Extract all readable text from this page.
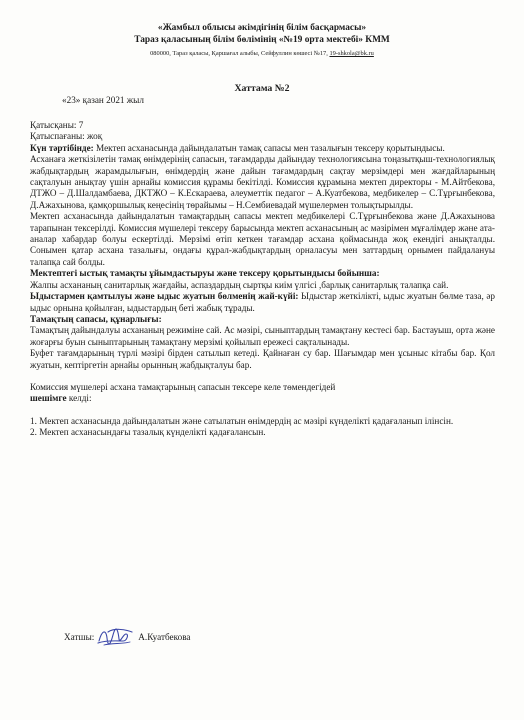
«Жамбыл облысы әкімдігінің білім басқармасы»
Тараз қаласының білім бөлімінің «№19 орта мектебі» КММ
080000, Тараз қаласы, Қаршағал алыбы, Сейфуллин көшесі №17, 19-shkola@bk.ru
Хаттама №2
«23» қазан 2021 жыл

Қатысқаны: 7

Қатыспағаны: жоқ

Күн тәртібінде: Мектеп асханасында дайындалатын тамақ сапасы мен тазалығын тексеру қорытындысы.

Асханаға жеткізілетін тамақ өнімдерінің сапасын, тағамдарды дайындау технологиясына тоңазытқыш-технологиялық жабдықтардың жарамдылығын, өнімдердің және дайын тағамдардың сақтау мерзімдері мен жағдайларының сақталуын анықтау үшін арнайы комиссия құрамы бекітілді. Комиссия құрамына мектеп директоры - М.Айтбекова, ДТЖО – Д.Шалдамбаева, ДКТЖО – К.Ескараева, әлеуметтік педагог – А.Куатбекова, медбикелер – С.Тұрғынбекова, Д.Ажахынова, қамқоршылық кеңесінің төрайымы – Н.Сембиевадай мүшелермен толықтырылды.

Мектеп асханасында дайындалатын тамақтардың сапасы мектеп медбикелері С.Тұрғынбекова және Д.Ажахынова тарапынан тексерілді. Комиссия мүшелері тексеру барысында мектеп асханасының ас мәзірімен мұғалімдер және ата-аналар хабардар болуы ескертілді. Мерзімі өтіп кеткен тағамдар асхана қоймасында жоқ екендігі анықталды. Сонымен қатар асхана тазалығы, ондағы құрал-жабдықтардың орналасуы мен заттардың орнымен пайдалануы талапқа сай болды.

Мектептегі ыстық тамақты ұйымдастыруы және тексеру қорытындысы бойынша:

Жалпы асхананың санитарлық жағдайы, аспаздардың сыртқы киім үлгісі ,барлық санитарлық талапқа сай.

Ыдыстармен қамтылуы және ыдыс жуатын бөлменің жай-күйі: Ыдыстар жеткілікті, ыдыс жуатын бөлме таза, әр ыдыс орнына қойылған, ыдыстардың беті жабық тұрады.

Тамақтың сапасы, құнарлығы:

Тамақтың дайындалуы асхананың режиміне сай. Ас мәзірі, сыныптардың тамақтану кестесі бар. Бастауыш, орта және жоғарғы буын сыныптарының тамақтану мерзімі қойылып ережесі сақталынады.

Буфет тағамдарының түрлі мәзірі бірден сатылып кетеді. Қайнаған су бар. Шағымдар мен ұсыныс кітабы бар. Қол жуатын, кептіргетін арнайы орынның жабдықталуы бар.

Комиссия мүшелері асхана тамақтарының сапасын тексере келе төмендегідей

шешімге келді:

1. Мектеп асханасында дайындалатын және сатылатын өнімдердің ас мәзірі күнделікті қадағаланып ілінсін.

2. Мектеп асханасындағы тазалық күнделікті қадағалансын.

Хатшы:	А.Куатбекова
